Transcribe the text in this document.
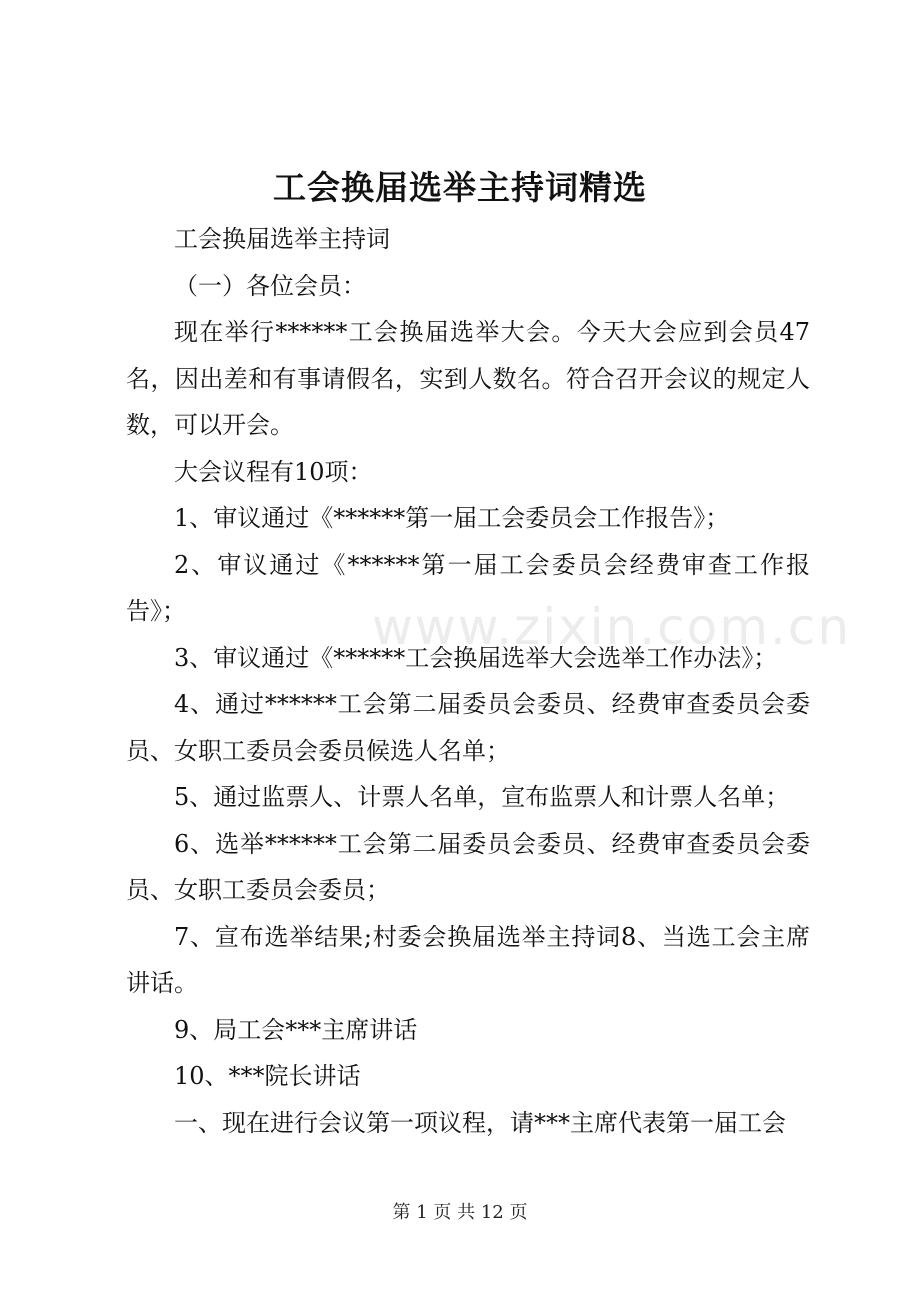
www.zixin.com.cn
工会换届选举主持词精选

工会换届选举主持词

（一）各位会员：

现在举行******工会换届选举大会。今天大会应到会员47名，因出差和有事请假名，实到人数名。符合召开会议的规定人数，可以开会。

大会议程有10项：

1、审议通过《******第一届工会委员会工作报告》；

2、审议通过《******第一届工会委员会经费审查工作报告》；

3、审议通过《******工会换届选举大会选举工作办法》；

4、通过******工会第二届委员会委员、经费审查委员会委员、女职工委员会委员候选人名单；

5、通过监票人、计票人名单，宣布监票人和计票人名单；

6、选举******工会第二届委员会委员、经费审查委员会委员、女职工委员会委员；

7、宣布选举结果;村委会换届选举主持词8、当选工会主席讲话。

9、局工会***主席讲话

10、***院长讲话

一、现在进行会议第一项议程，请***主席代表第一届工会

第 1 页 共 12 页
